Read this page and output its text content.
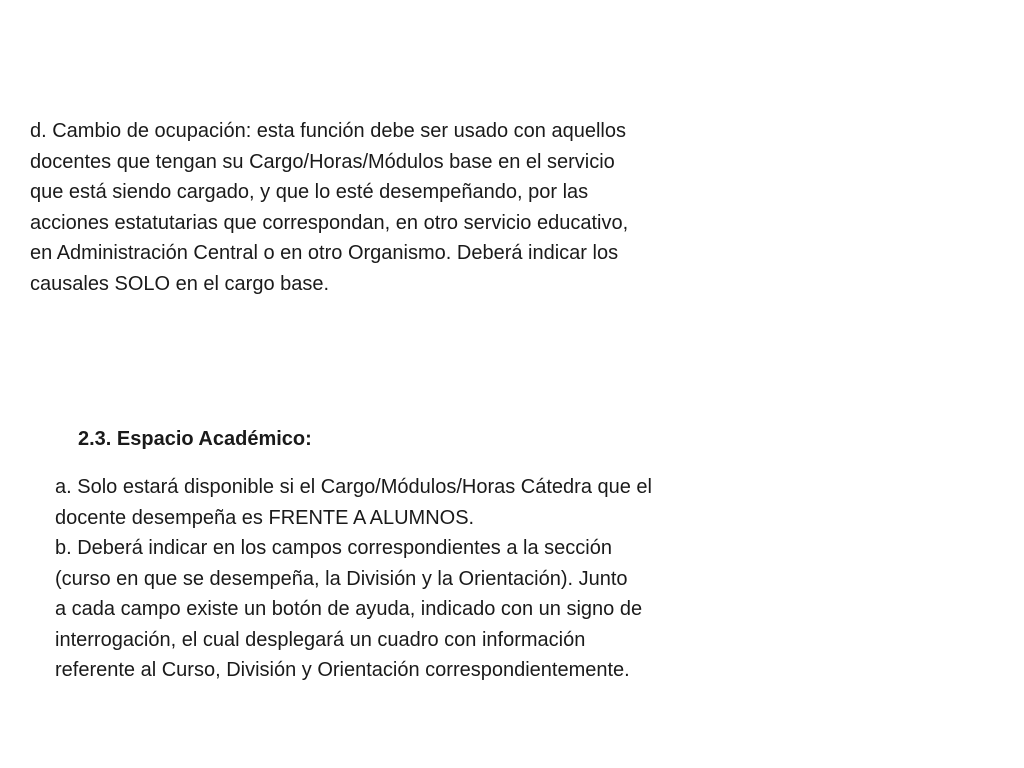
d. Cambio de ocupación: esta función debe ser usado con aquellos
docentes que tengan su Cargo/Horas/Módulos base en el servicio
que está siendo cargado, y que lo esté desempeñando, por las
acciones estatutarias que correspondan, en otro servicio educativo,
en Administración Central o en otro Organismo. Deberá indicar los
causales SOLO en el cargo base.
2.3. Espacio Académico:
a. Solo estará disponible si el Cargo/Módulos/Horas Cátedra que el
docente desempeña es FRENTE A ALUMNOS.
b. Deberá indicar en los campos correspondientes a la sección
(curso en que se desempeña, la División y la Orientación). Junto
a cada campo existe un botón de ayuda, indicado con un signo de
interrogación, el cual desplegará un cuadro con información
referente al Curso, División y Orientación correspondientemente.
